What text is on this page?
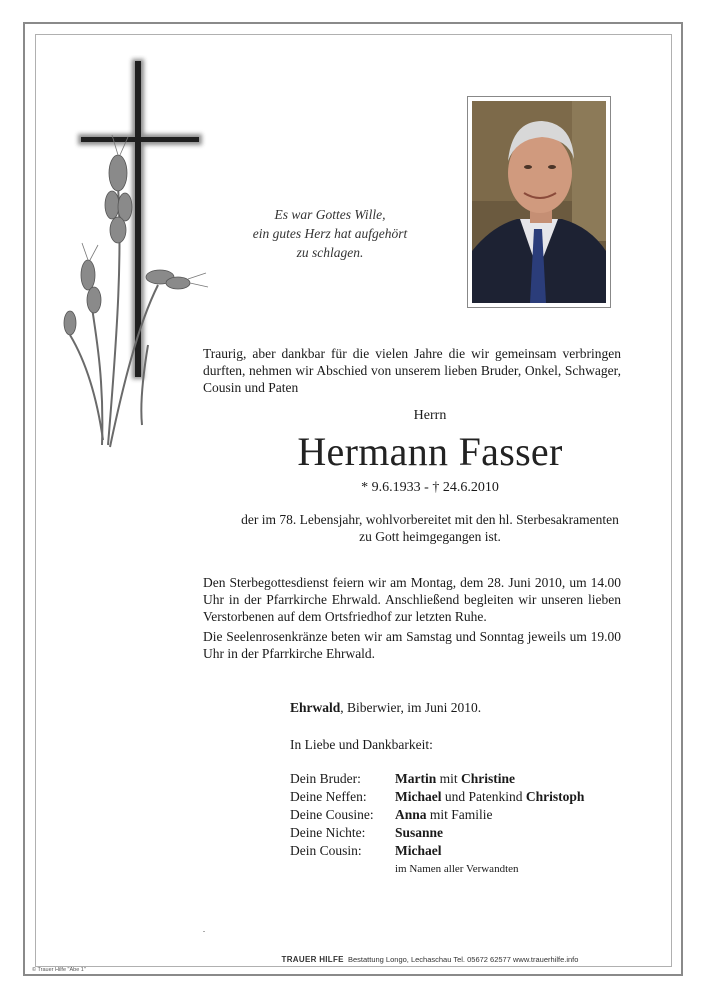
Es war Gottes Wille,
ein gutes Herz hat aufgehört
zu schlagen.
Traurig, aber dankbar für die vielen Jahre die wir gemeinsam verbringen durften, nehmen wir Abschied von unserem lieben Bruder, Onkel, Schwager, Cousin und Paten
Herrn
Hermann Fasser
* 9.6.1933 - † 24.6.2010
der im 78. Lebensjahr, wohlvorbereitet mit den hl. Sterbesakramenten
zu Gott heimgegangen ist.

Den Sterbegottesdienst feiern wir am Montag, dem 28. Juni 2010, um 14.00 Uhr in der Pfarrkirche Ehrwald. Anschließend begleiten wir unseren lieben Verstorbenen auf dem Ortsfriedhof zur letzten Ruhe.

Die Seelenrosenkränze beten wir am Samstag und Sonntag jeweils um 19.00 Uhr in der Pfarrkirche Ehrwald.

Ehrwald, Biberwier, im Juni 2010.
In Liebe und Dankbarkeit:
Dein Bruder:	Martin mit Christine
Deine Neffen: Michael und Patenkind Christoph
Deine Cousine: Anna mit Familie
Deine Nichte: Susanne
Dein Cousin: Michael
im Namen aller Verwandten
.
TRAUER HILFE Bestattung Longo, Lechaschau Tel. 05672 62577 www.trauerhilfe.info
© Trauer Hilfe "Abe 1"
